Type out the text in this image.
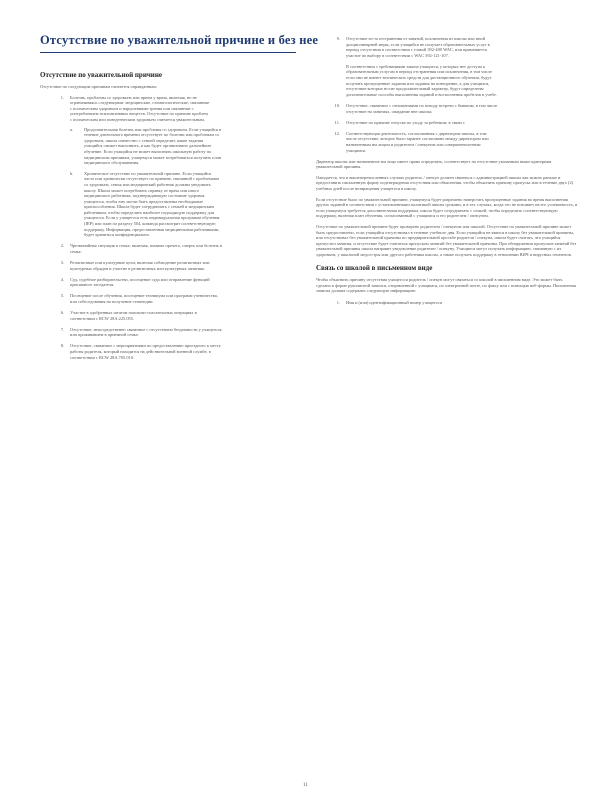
Отсутствие по уважительной причине и без нее
Отсутствие по уважительной причине

Отсутствие по следующим причинам считается оправданным:

1. Болезнь, проблемы со здоровьем или прием у врача, включая, но не ограничиваясь следующими: медицинские, стоматологические, связанные с психическим здоровьем и нарушениями зрения или связанные с употреблением психоактивных веществ. Отсутствие по причине проблем с психическим или поведенческим здоровьем считается уважительным.
a. Продолжительная болезнь или проблемы со здоровьем. Если учащийся в течение длительного времени отсутствует по болезни или проблемам со здоровьем, школа совместно с семьей определит, какие задания учащийся сможет выполнить, и как будет организовано дальнейшее обучение. Если учащийся не может выполнять школьную работу по медицинским причинам, учащемуся может потребоваться получить план медицинского обслуживания.
b. Хроническое отсутствие по уважительной причине. Если учащийся часто или хронически отсутствует по причине, связанной с проблемами со здоровьем, семья или медицинский работник должны уведомить школу. Школа может потребовать справку от врача или иного медицинского работника, подтверждающую состояние здоровья учащегося, чтобы ему могли быть предоставлены необходимые приспособления. Школа будет сотрудничать с семьей и медицинским работником, чтобы определить наиболее подходящую поддержку для учащегося. Если у учащегося есть индивидуальная программа обучения (IEP) или план по разделу 504, команда рассмотрит соответствующую поддержку. Информация, предоставленная медицинскими работниками, будет храниться конфиденциально.
2. Чрезвычайная ситуация в семье, включая, помимо прочего, смерть или болезнь в семье.
3. Религиозные или культурные цели, включая соблюдение религиозных или культурных обрядов и участие в религиозных или культурных занятиях.
4. Суд, судебное разбирательство, посещение суда или отправление функций присяжного заседателя.
5. Посещение после обучения, посещение техникума или программ ученичества, или собеседования на получение стипендии.
6. Участие в одобренных штатом поисково-спасательных операциях в соответствии с RCW 28A.225.055.
7. Отсутствие, непосредственно связанное с отсутствием бездомности у учащегося или проживанием в приемной семье.
8. Отсутствие, связанное с мероприятиями по предоставлению проездного к месту работы родителя, который находится на действительной военной службе, в соответствии с RCW 28A.705.010.
9. Отсутствие из-за отстранения от занятий, исключения из школы или иной дисциплинарной меры, если учащийся не получает образовательных услуг в период отсутствия в соответствии с главой 392-400 WAC, или применяется участие по выбору в соответствии с WAC 392-121-107.
В соответствии с требованиями закона учащиеся, у которых нет доступа к образовательным услугам в период отстранения или исключения, в том числе если они не имеют технических средств для дистанционного обучения, будут получать пропущенные задания или задания на повторение, а для учащихся, отсутствие которых носит продолжительный характер, будут определены дополнительные способы выполнения заданий и восполнения пробелов в учебе.
10. Отсутствие, связанное с отношениями по поводу встречи с бывшим, в том числе отсутствие на занятиях, ожидание вне школы;
11. Отсутствие по причине отпуска по уходу за ребенком, в связи с
12. Соответствующая деятельность, согласованная с директором школы, в том числе отсутствие, которое было заранее согласовано между директором или назначенным им лицом и родителем / опекуном или совершеннолетним учащимся.

Директор школы или назначенное им лицо имеет право определять, соответствует ли отсутствие указанным выше критериям уважительной причины.

Ожидается, что в вышеперечисленных случаях родитель / опекун должен связаться с администрацией школы как можно раньше и предоставить письменную форму подтверждения отсутствия или объяснения, чтобы объяснить причину пропуска или в течение двух (2) учебных дней после возвращения учащегося в школу.

Если отсутствие было по уважительной причине, учащемуся будет разрешено наверстать пропущенные задания во время выполнения других заданий в соответствии с установленными политикой школы сроками, и в тех случаях, когда это не повлияет на его успеваемость, и если учащемуся требуется дополнительная поддержка, школа будет сотрудничать с семьей, чтобы определить соответствующую поддержку, включая план обучения, согласованный с учащимся и его родителем / опекуном.

Отсутствие по уважительной причине будет проверено родителем / опекуном или школой. Отсутствие по уважительной причине может быть предоставлено, если учащийся отсутствовал в течение учебного дня. Если учащийся не явился в школу без уважительной причины, или отсутствовал без уважительной причины по предварительной просьбе родителя / опекуна, школа будет считать, что учащийся пропустил занятия, и отсутствие будет считаться пропуском занятий без уважительной причины. При обнаружении пропусков занятий без уважительной причины школа направит уведомление родителю / опекуну. Учащиеся могут получать информацию, связанную с их здоровьем, у школьной медсестры или другого работника школы, а также получать поддержку в отношении ВИЧ и вирусных гепатитов.

Связь со школой в письменном виде

Чтобы объяснить причину отсутствия учащегося родитель / опекун могут связаться со школой в письменном виде. Это может быть сделано в форме рукописной записки, отправленной с учащимся, по электронной почте, по факсу или с помощью веб-формы. Письменная записка должна содержать следующую информацию:

1. Имя и (или) идентификационный номер учащегося
11
